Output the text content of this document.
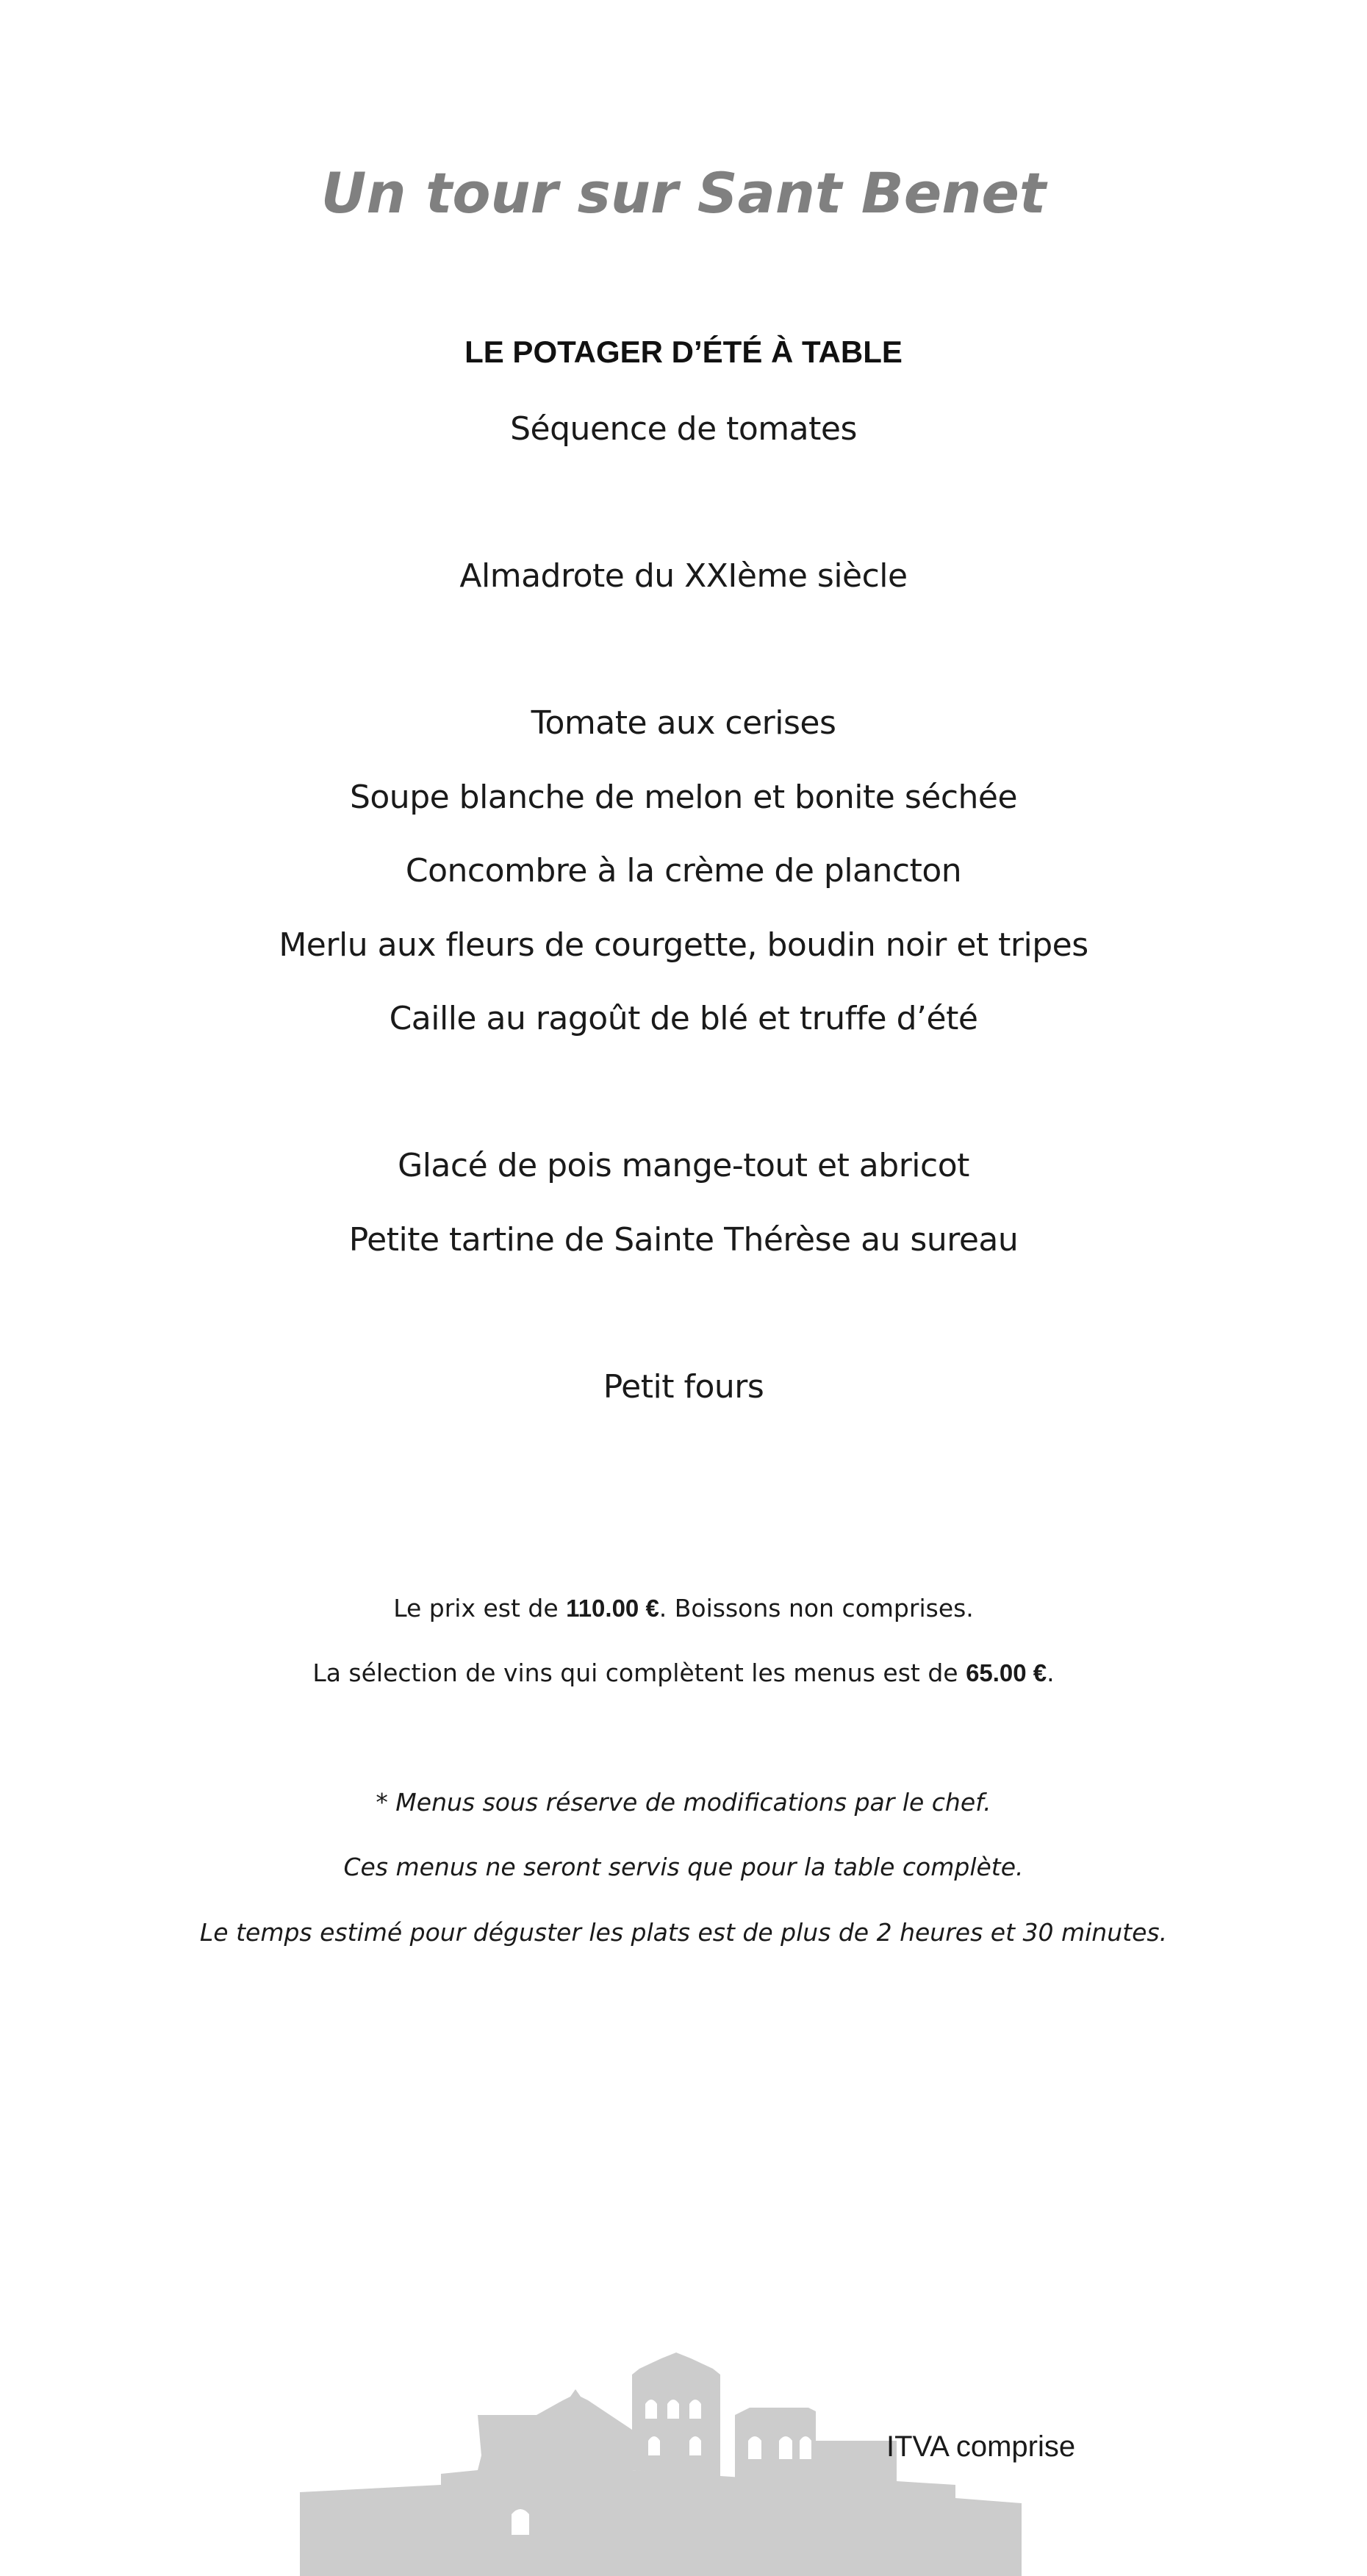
Un tour sur Sant Benet
LE POTAGER D’ÉTÉ À TABLE
Séquence de tomates
Almadrote du XXIème siècle
Tomate aux cerises
Soupe blanche de melon et bonite séchée
Concombre à la crème de plancton
Merlu aux fleurs de courgette, boudin noir et tripes
Caille au ragoût de blé et truffe d’été
Glacé de pois mange-tout et abricot
Petite tartine de Sainte Thérèse au sureau
Petit fours
Le prix est de 110.00 €. Boissons non comprises.
La sélection de vins qui complètent les menus est de 65.00 €.
* Menus sous réserve de modifications par le chef.
Ces menus ne seront servis que pour la table complète.
Le temps estimé pour déguster les plats est de plus de 2 heures et 30 minutes.
ITVA comprise
